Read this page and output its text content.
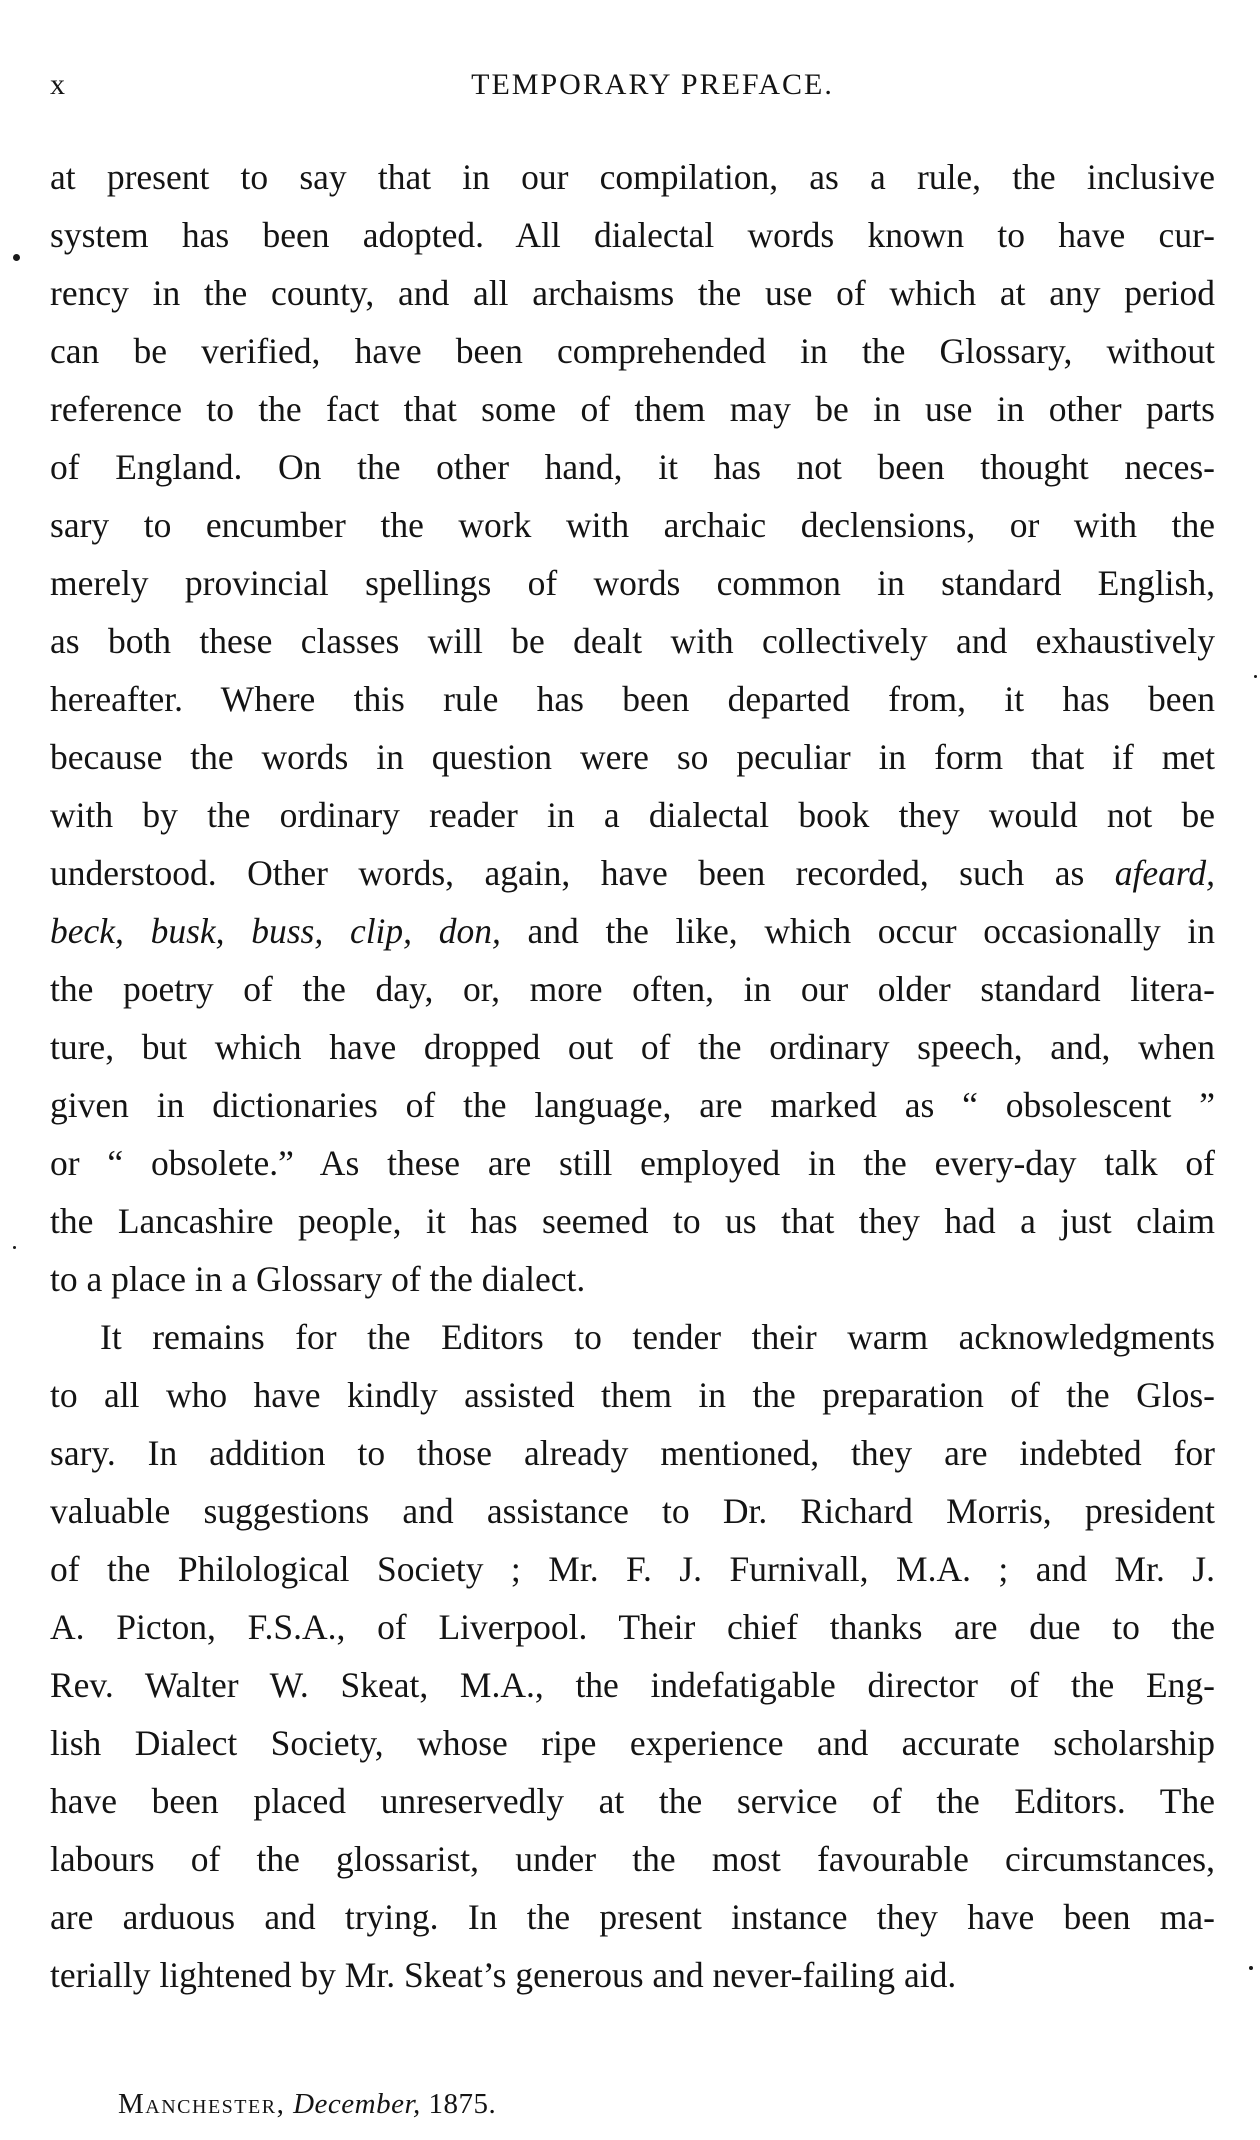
x	TEMPORARY PREFACE.
at present to say that in our compilation, as a rule, the inclusive
system has been adopted. All dialectal words known to have cur-
rency in the county, and all archaisms the use of which at any period
can be verified, have been comprehended in the Glossary, without
reference to the fact that some of them may be in use in other parts
of England. On the other hand, it has not been thought neces-
sary to encumber the work with archaic declensions, or with the
merely provincial spellings of words common in standard English,
as both these classes will be dealt with collectively and exhaustively
hereafter. Where this rule has been departed from, it has been
because the words in question were so peculiar in form that if met
with by the ordinary reader in a dialectal book they would not be
understood. Other words, again, have been recorded, such as afeard,
beck, busk, buss, clip, don, and the like, which occur occasionally in
the poetry of the day, or, more often, in our older standard litera-
ture, but which have dropped out of the ordinary speech, and, when
given in dictionaries of the language, are marked as “ obsolescent ”
or “ obsolete.” As these are still employed in the every-day talk of
the Lancashire people, it has seemed to us that they had a just claim
to a place in a Glossary of the dialect.
It remains for the Editors to tender their warm acknowledgments
to all who have kindly assisted them in the preparation of the Glos-
sary. In addition to those already mentioned, they are indebted for
valuable suggestions and assistance to Dr. Richard Morris, president
of the Philological Society ; Mr. F. J. Furnivall, M.A. ; and Mr. J.
A. Picton, F.S.A., of Liverpool. Their chief thanks are due to the
Rev. Walter W. Skeat, M.A., the indefatigable director of the Eng-
lish Dialect Society, whose ripe experience and accurate scholarship
have been placed unreservedly at the service of the Editors. The
labours of the glossarist, under the most favourable circumstances,
are arduous and trying. In the present instance they have been ma-
terially lightened by Mr. Skeat’s generous and never-failing aid.
Manchester, December, 1875.
